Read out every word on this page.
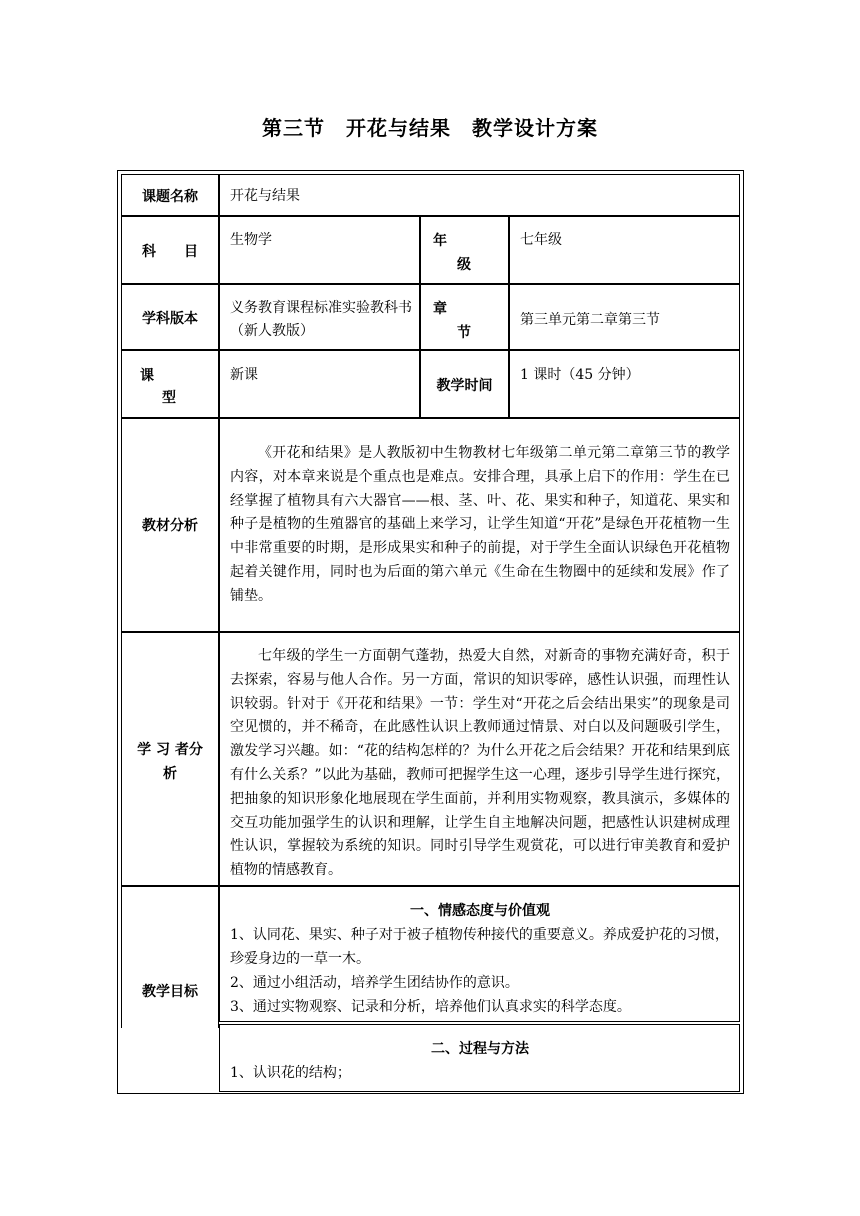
第三节　开花与结果　教学设计方案
课题名称	开花与结果
科　　目
生物学	年
级
七年级
学科版本
义务教育课程标准实验教科书（新人教版）
章
节
第三单元第二章第三节
课
型
新课
教学时间
1 课时（45 分钟）
教材分析

《开花和结果》是人教版初中生物教材七年级第二单元第二章第三节的教学内容，对本章来说是个重点也是难点。安排合理，具承上启下的作用：学生在已经掌握了植物具有六大器官——根、茎、叶、花、果实和种子，知道花、果实和种子是植物的生殖器官的基础上来学习，让学生知道“开花”是绿色开花植物一生中非常重要的时期，是形成果实和种子的前提，对于学生全面认识绿色开花植物起着关键作用，同时也为后面的第六单元《生命在生物圈中的延续和发展》作了铺垫。

学 习 者分
析

七年级的学生一方面朝气蓬勃，热爱大自然，对新奇的事物充满好奇，积于去探索，容易与他人合作。另一方面，常识的知识零碎，感性认识强，而理性认识较弱。针对于《开花和结果》一节：学生对“开花之后会结出果实”的现象是司空见惯的，并不稀奇，在此感性认识上教师通过情景、对白以及问题吸引学生，激发学习兴趣。如：“花的结构怎样的？为什么开花之后会结果？开花和结果到底有什么关系？”以此为基础，教师可把握学生这一心理，逐步引导学生进行探究，把抽象的知识形象化地展现在学生面前，并利用实物观察，教具演示，多媒体的交互功能加强学生的认识和理解，让学生自主地解决问题，把感性认识建树成理性认识，掌握较为系统的知识。同时引导学生观赏花，可以进行审美教育和爱护植物的情感教育。

教学目标
一、情感态度与价值观

1、认同花、果实、种子对于被子植物传种接代的重要意义。养成爱护花的习惯，珍爱身边的一草一木。

2、通过小组活动，培养学生团结协作的意识。

3、通过实物观察、记录和分析，培养他们认真求实的科学态度。

二、过程与方法

1、认识花的结构；
